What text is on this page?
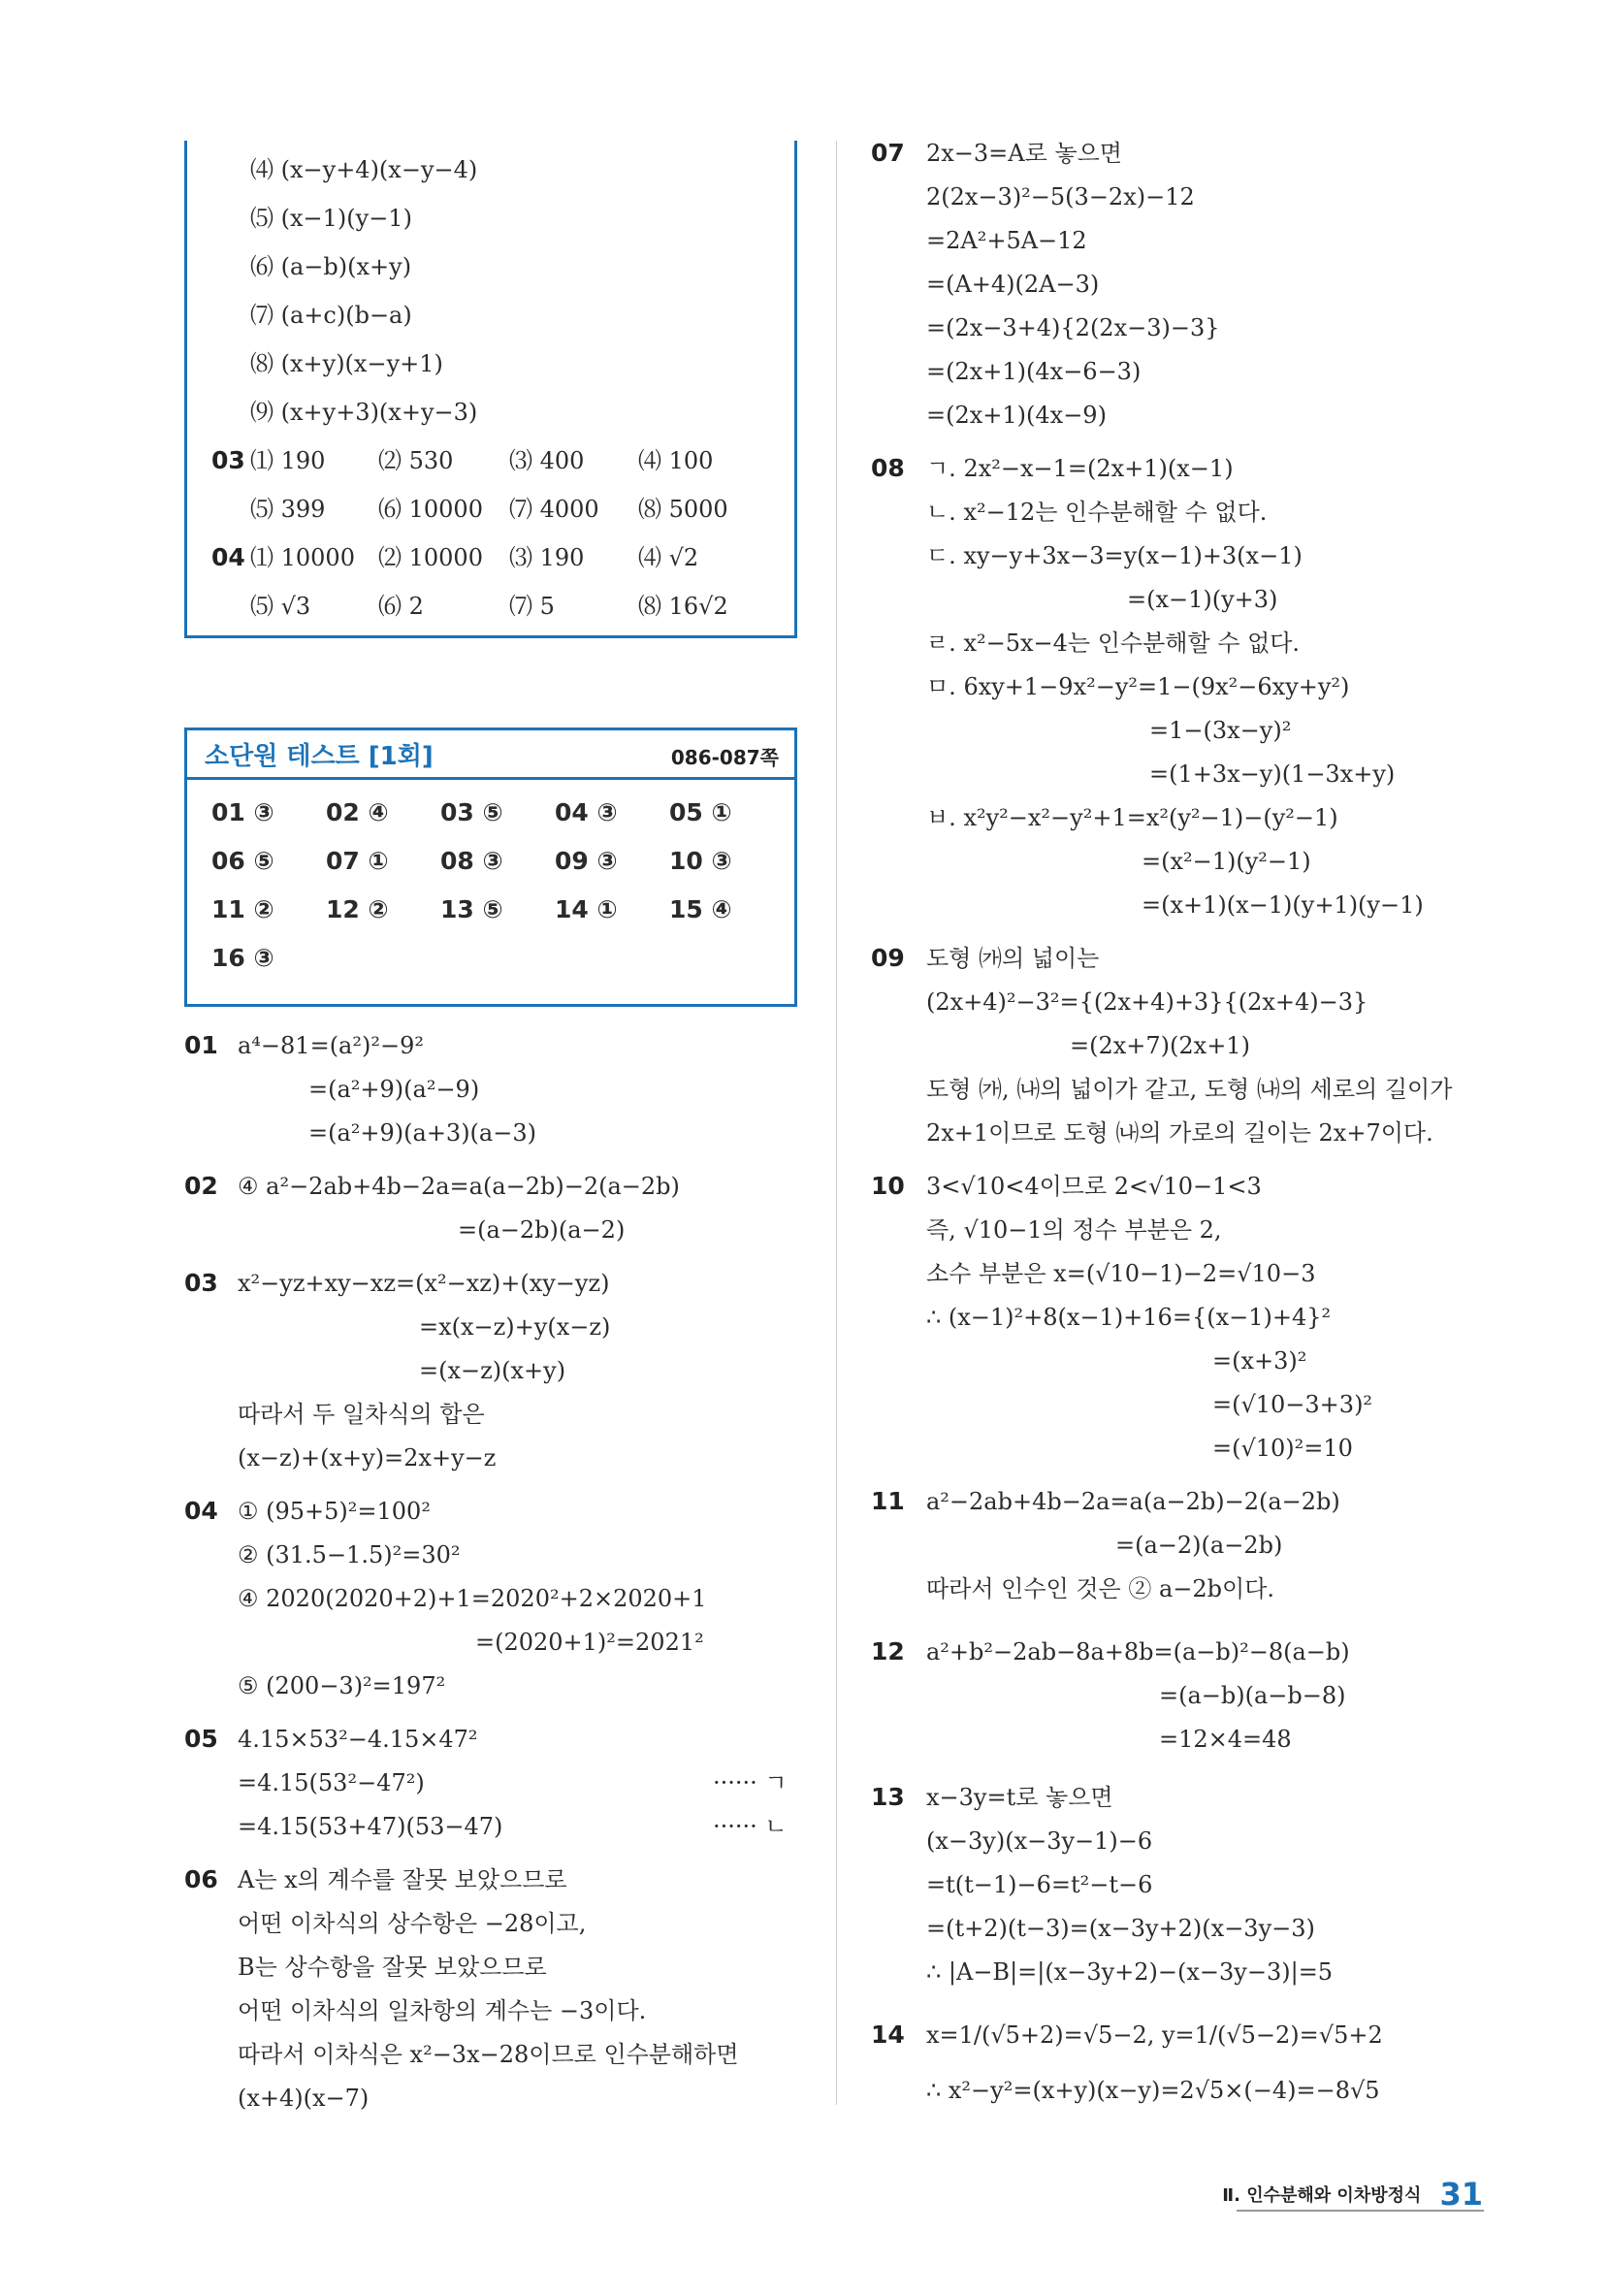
⑷ (x−y+4)(x−y−4)
⑸ (x−1)(y−1)
⑹ (a−b)(x+y)
⑺ (a+c)(b−a)
⑻ (x+y)(x−y+1)
⑼ (x+y+3)(x+y−3)
03 ⑴ 190 ⑵ 530 ⑶ 400 ⑷ 100
⑸ 399 ⑹ 10000 ⑺ 4000 ⑻ 5000
04 ⑴ 10000 ⑵ 10000 ⑶ 190 ⑷ √2
⑸ √3	⑹ 2	⑺ 5	⑻ 16√2
소단원 테스트 [1회]	086-087쪽
01 ③ 02 ④ 03 ⑤ 04 ③ 05 ①
06 ⑤ 07 ① 08 ③ 09 ③ 10 ③
11 ② 12 ② 13 ⑤ 14 ① 15 ④
16 ③
01 a⁴−81=(a²)²−9²
=(a²+9)(a²−9)
=(a²+9)(a+3)(a−3)
02 ④ a²−2ab+4b−2a=a(a−2b)−2(a−2b)
=(a−2b)(a−2)
03 x²−yz+xy−xz=(x²−xz)+(xy−yz)
=x(x−z)+y(x−z)
=(x−z)(x+y)
따라서 두 일차식의 합은
(x−z)+(x+y)=2x+y−z
04 ① (95+5)²=100²
② (31.5−1.5)²=30²
④ 2020(2020+2)+1=2020²+2×2020+1
=(2020+1)²=2021²
⑤ (200−3)²=197²
05 4.15×53²−4.15×47²
=4.15(53²−47²)	······ ㄱ
=4.15(53+47)(53−47)	······ ㄴ
06 A는 x의 계수를 잘못 보았으므로
어떤 이차식의 상수항은 −28이고,
B는 상수항을 잘못 보았으므로
어떤 이차식의 일차항의 계수는 −3이다.
따라서 이차식은 x²−3x−28이므로 인수분해하면
(x+4)(x−7)
07 2x−3=A로 놓으면
2(2x−3)²−5(3−2x)−12
=2A²+5A−12
=(A+4)(2A−3)
=(2x−3+4){2(2x−3)−3}
=(2x+1)(4x−6−3)
=(2x+1)(4x−9)
08 ㄱ. 2x²−x−1=(2x+1)(x−1)
ㄴ. x²−12는 인수분해할 수 없다.
ㄷ. xy−y+3x−3=y(x−1)+3(x−1)
=(x−1)(y+3)
ㄹ. x²−5x−4는 인수분해할 수 없다.
ㅁ. 6xy+1−9x²−y²=1−(9x²−6xy+y²)
=1−(3x−y)²
=(1+3x−y)(1−3x+y)
ㅂ. x²y²−x²−y²+1=x²(y²−1)−(y²−1)
=(x²−1)(y²−1)
=(x+1)(x−1)(y+1)(y−1)
09 도형 ㈎의 넓이는
(2x+4)²−3²={(2x+4)+3}{(2x+4)−3}
=(2x+7)(2x+1)
도형 ㈎, ㈏의 넓이가 같고, 도형 ㈏의 세로의 길이가
2x+1이므로 도형 ㈏의 가로의 길이는 2x+7이다.
10 3<√10<4이므로 2<√10−1<3
즉, √10−1의 정수 부분은 2,
소수 부분은 x=(√10−1)−2=√10−3
∴ (x−1)²+8(x−1)+16={(x−1)+4}²
=(x+3)²
=(√10−3+3)²
=(√10)²=10
11 a²−2ab+4b−2a=a(a−2b)−2(a−2b)
=(a−2)(a−2b)
따라서 인수인 것은 ② a−2b이다.
12 a²+b²−2ab−8a+8b=(a−b)²−8(a−b)
=(a−b)(a−b−8)
=12×4=48
13 x−3y=t로 놓으면
(x−3y)(x−3y−1)−6
=t(t−1)−6=t²−t−6
=(t+2)(t−3)=(x−3y+2)(x−3y−3)
∴ |A−B|=|(x−3y+2)−(x−3y−3)|=5
14 x=1/(√5+2)=√5−2, y=1/(√5−2)=√5+2
∴ x²−y²=(x+y)(x−y)=2√5×(−4)=−8√5
Ⅱ. 인수분해와 이차방정식 31
